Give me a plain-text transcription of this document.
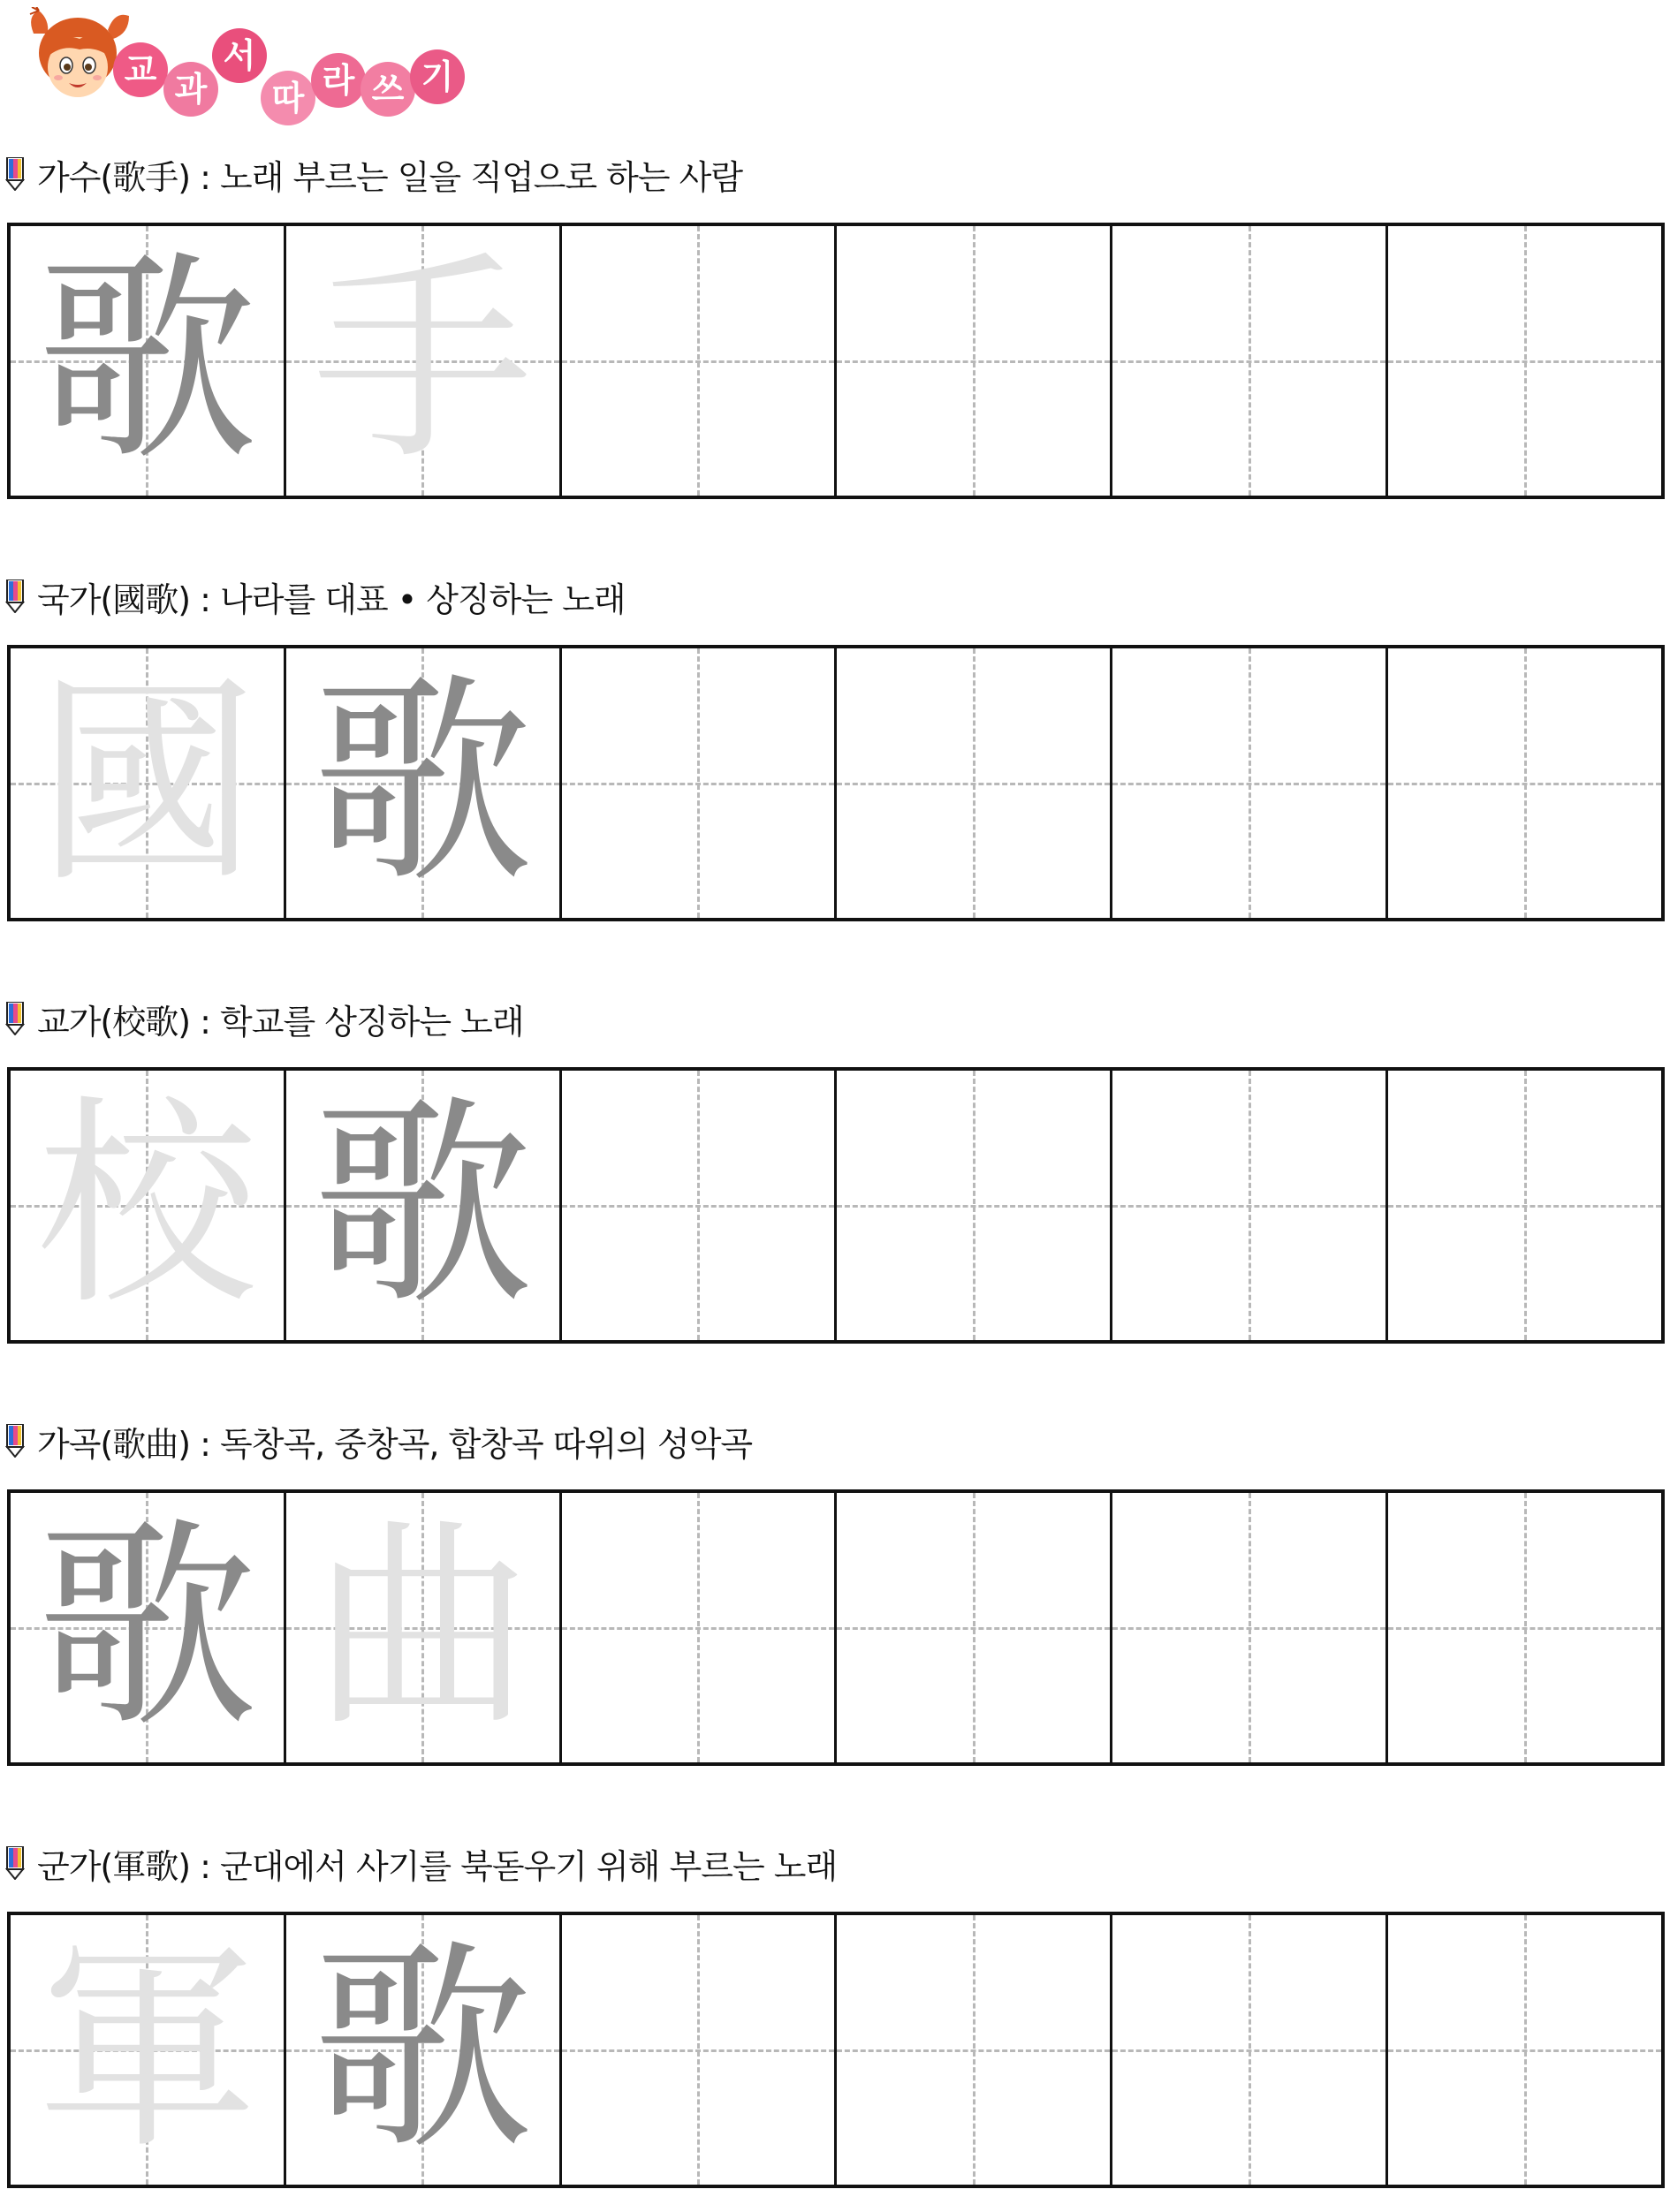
교 과
서
따 라 쓰 기
가수(歌手) : 노래 부르는 일을 직업으로 하는 사람
歌 手
국가(國歌) : 나라를 대표 • 상징하는 노래
國 歌
교가(校歌) : 학교를 상징하는 노래
校 歌
가곡(歌曲) : 독창곡, 중창곡, 합창곡 따위의 성악곡
歌 曲
군가(軍歌) : 군대에서 사기를 북돋우기 위해 부르는 노래
軍 歌
